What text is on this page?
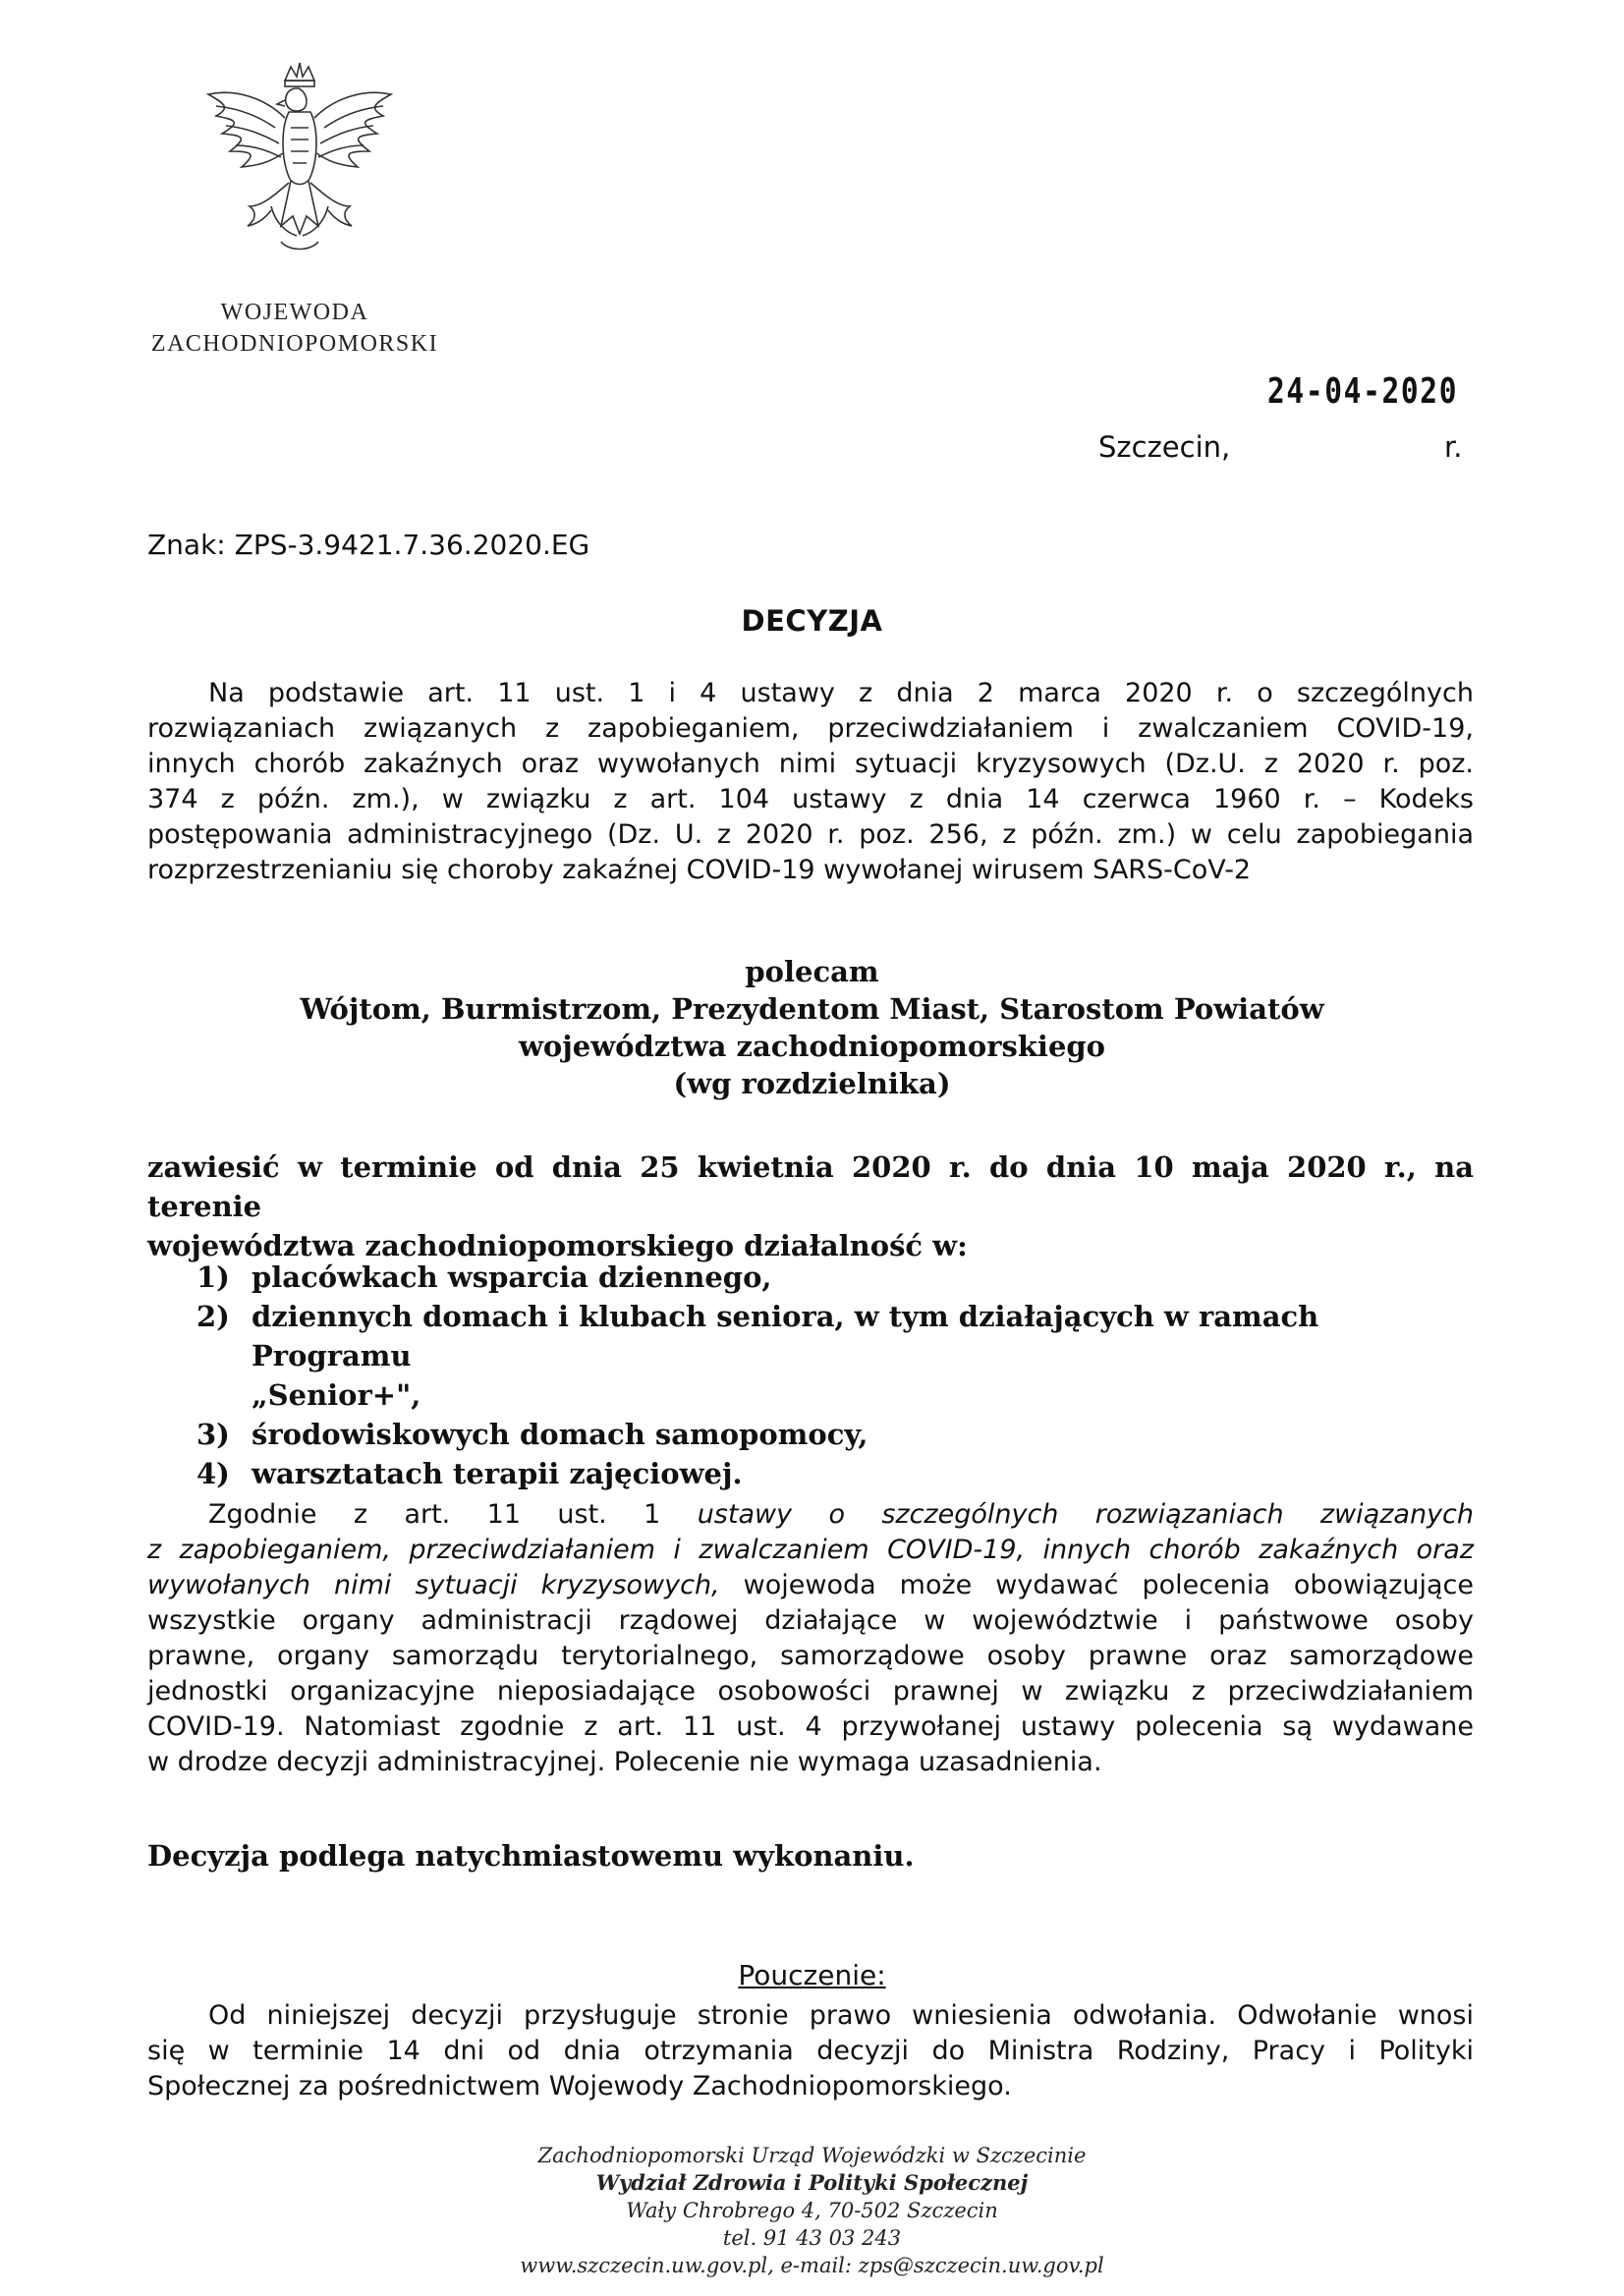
WOJEWODA
ZACHODNIOPOMORSKI
24-04-2020
Szczecin,	r.
Znak: ZPS-3.9421.7.36.2020.EG
DECYZJA
Na podstawie art. 11 ust. 1 i 4 ustawy z dnia 2 marca 2020 r. o szczególnych
rozwiązaniach związanych z zapobieganiem, przeciwdziałaniem i zwalczaniem COVID-19,
innych chorób zakaźnych oraz wywołanych nimi sytuacji kryzysowych (Dz.U. z 2020 r. poz.
374 z późn. zm.), w związku z art. 104 ustawy z dnia 14 czerwca 1960 r. – Kodeks
postępowania administracyjnego (Dz. U. z 2020 r. poz. 256, z późn. zm.) w celu zapobiegania
rozprzestrzenianiu się choroby zakaźnej COVID-19 wywołanej wirusem SARS-CoV-2
polecam
Wójtom, Burmistrzom, Prezydentom Miast, Starostom Powiatów
województwa zachodniopomorskiego
(wg rozdzielnika)
zawiesić w terminie od dnia 25 kwietnia 2020 r. do dnia 10 maja 2020 r., na terenie
województwa zachodniopomorskiego działalność w:
1) placówkach wsparcia dziennego,
2) dziennych domach i klubach seniora, w tym działających w ramach Programu
„Senior+",
3) środowiskowych domach samopomocy,
4) warsztatach terapii zajęciowej.
Zgodnie z art. 11 ust. 1 ustawy o szczególnych rozwiązaniach związanych
z zapobieganiem, przeciwdziałaniem i zwalczaniem COVID-19, innych chorób zakaźnych oraz
wywołanych nimi sytuacji kryzysowych, wojewoda może wydawać polecenia obowiązujące
wszystkie organy administracji rządowej działające w województwie i państwowe osoby
prawne, organy samorządu terytorialnego, samorządowe osoby prawne oraz samorządowe
jednostki organizacyjne nieposiadające osobowości prawnej w związku z przeciwdziałaniem
COVID-19. Natomiast zgodnie z art. 11 ust. 4 przywołanej ustawy polecenia są wydawane
w drodze decyzji administracyjnej. Polecenie nie wymaga uzasadnienia.
Decyzja podlega natychmiastowemu wykonaniu.
Pouczenie:
Od niniejszej decyzji przysługuje stronie prawo wniesienia odwołania. Odwołanie wnosi
się w terminie 14 dni od dnia otrzymania decyzji do Ministra Rodziny, Pracy i Polityki
Społecznej za pośrednictwem Wojewody Zachodniopomorskiego.
Zachodniopomorski Urząd Wojewódzki w Szczecinie
Wydział Zdrowia i Polityki Społecznej
Wały Chrobrego 4, 70-502 Szczecin
tel. 91 43 03 243
www.szczecin.uw.gov.pl, e-mail: zps@szczecin.uw.gov.pl
